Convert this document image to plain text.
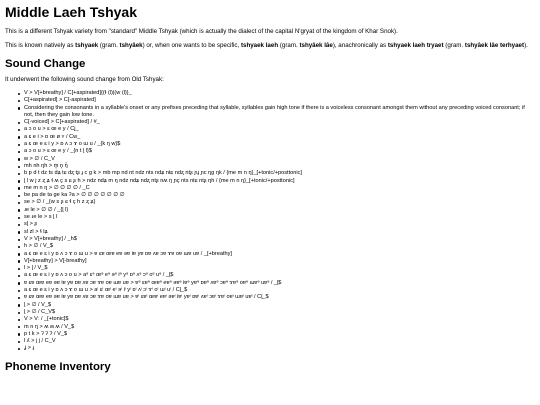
Middle Laeh Tshyak

This is a different Tshyak variety from "standard" Middle Tshyak (which is actually the dialect of the capital N'gryat of the kingdom of Khar Snok).

This is known natively as tshyaek (gram. tshyâek) or, when one wants to be specific, tshyaek laeh (gram. tshyâek lâe), anachronically as tshyaek laeh tryaet (gram. tshyâek lâe terhyaet).

Sound Change

It underwent the following sound change from Old Tshyak:

V > V[+breathy] / C[+aspirated]{(ɬ (l)|(w (l)}_
C[+aspirated] > C[-aspirated]
Considering the consonants in a syllable's onset or any prefixes preceding that syllable, syllables gain high tone if there is a voiceless consonant amongst them without any preceding voiced consonant; if not, then they gain low tone.
C[-voiced] > C[+aspirated] / #_
a ɔ o u > ɛ œ e y / Cj_
a ɛ e i > ɒ œ ø ʏ / Cw_
a ɛ œ e ɛ i y > ɒ ʌ ɔ ɤ o ɯ u / _{k ŋ w}$
a ɔ o u > ɛ œ e y / _{n t ɭ l}$
w > ∅ / C_V
mh nh ŋh > m̥ n̥ ŋ̊
b p d t dz ts dʑ tɕ dʐ tʂ ɟ c g k > mb mp nd nt ndz nts ndʑ ntɕ ndʐ ntʂ ɲɟ ɲc ŋg ŋk / {me m n ŋ}_[+tonic/+posttonic]
ɭ l w j z ʐ ʑ ɬ ʍ ç s ɕ ʂ h > ndz ndʑ m ŋ ndz ndʑ ndʐ ntʂ nʍ ŋ ɲç nts ntɕ ntʂ ŋh / {me m n ŋ}_[+tonic/+posttonic]
me m n ŋ > ∅ ∅ ∅ ∅ / _C
be pa de ta ge ka ʔa > ∅ ∅ ∅ ∅ ∅ ∅ ∅
se > ∅ / _{w s ʂ ɕ ɬ ç h z ʐ ʑ}
ɹe le > ∅ ∅ / _{ɭ l}
se ɹe le > s ɭ l
sɭ > ʂ
sl zl > ɬ lʑ
V > V[+breathy] / _h$
h > ∅ / V_$
a ɛ œ e ɛ i y ɒ ʌ ɔ ɤ o ɯ u > ɐ ɛɐ œɐ eɐ əɐ iɐ yɐ ɒɐ ʌɐ ɔɐ ɤɐ oɐ ɯɐ uɐ / _[+breathy]
V[+breathy] > V[-breathy]
l > ɭ / V_$
a ɛ œ e ɛ i y ɒ ʌ ɔ o u > aᵊ ɛᵊ œᵊ eᵊ əᵊ iᵊ yᵊ ɒᵊ ʌᵊ ɔᵊ oᵊ uᵊ / _ɭ$
ɐ ɛɐ œɐ eɐ əɐ iɐ yɐ ɒɐ ʌɐ ɔɐ ɤɐ oɐ ɯɐ uɐ > ɐᵊ ɛɐᵊ œɐᵊ eɐᵊ əɐᵊ iɐᵊ yɐᵊ ɒɐᵊ ʌɐᵊ ɔɐᵊ ɤɐᵊ oɐᵊ ɯɐᵊ uɐᵊ / _ɭ$
a ɛ œ e ɛ i y ɒ ʌ ɔ ɤ o ɯ u > aᶦ ɛᶦ œᶦ eᶦ əᶦ iᶦ yᶦ ɒᶦ ʌᶦ ɔᶦ ɤᶦ oᶦ ɯᶦ uᶦ / Cɭ_$
ɐ ɛɐ œɐ eɐ əɐ iɐ yɐ ɒɐ ʌɐ ɔɐ ɤɐ oɐ ɯɐ uɐ > ɐᶦ ɛɐᶦ œɐᶦ eɐᶦ əɐᶦ iɐᶦ yɐᶦ ɒɐᶦ ʌɐᶦ ɔɐᶦ ɤɐᶦ oɐᶦ ɯɐᶦ uɐᶦ / Cɭ_$
ɭ > ∅ / V_$
ɭ > ∅ / C_V$
V > Vː / _[+tonic]$
m n ŋ > ʍ ʍ ʍ / V_$
p t k > ʔ ʔ ʔ / V_$
l ʎ > j j / C_V
ʝ > ɟ
Phoneme Inventory
